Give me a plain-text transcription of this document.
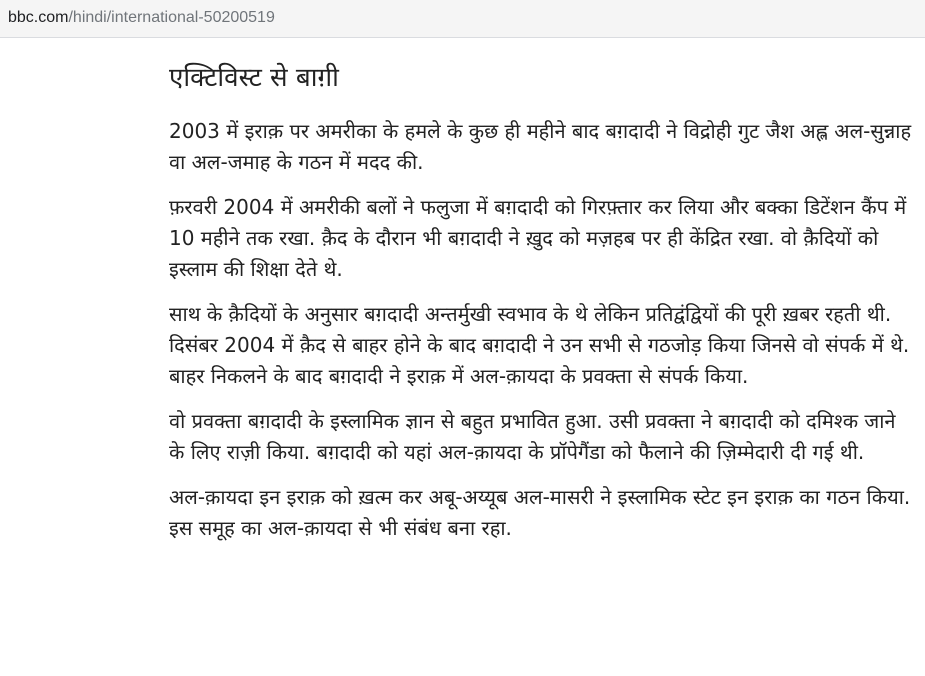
bbc.com/hindi/international-50200519
एक्टिविस्ट से बाग़ी

2003 में इराक़ पर अमरीका के हमले के कुछ ही महीने बाद बग़दादी ने विद्रोही गुट जैश अह्ल अल-सुन्नाह वा अल-जमाह के गठन में मदद की.

फ़रवरी 2004 में अमरीकी बलों ने फलुजा में बग़दादी को गिरफ़्तार कर लिया और बक्का डिटेंशन कैंप में 10 महीने तक रखा. क़ैद के दौरान भी बग़दादी ने ख़ुद को मज़हब पर ही केंद्रित रखा. वो क़ैदियों को इस्लाम की शिक्षा देते थे.

साथ के क़ैदियों के अनुसार बग़दादी अन्तर्मुखी स्वभाव के थे लेकिन प्रतिद्वंद्वियों की पूरी ख़बर रहती थी. दिसंबर 2004 में क़ैद से बाहर होने के बाद बग़दादी ने उन सभी से गठजोड़ किया जिनसे वो संपर्क में थे. बाहर निकलने के बाद बग़दादी ने इराक़ में अल-क़ायदा के प्रवक्ता से संपर्क किया.

वो प्रवक्ता बग़दादी के इस्लामिक ज्ञान से बहुत प्रभावित हुआ. उसी प्रवक्ता ने बग़दादी को दमिश्क जाने के लिए राज़ी किया. बग़दादी को यहां अल-क़ायदा के प्रॉपेगैंडा को फैलाने की ज़िम्मेदारी दी गई थी.

अल-क़ायदा इन इराक़ को ख़त्म कर अबू-अय्यूब अल-मासरी ने इस्लामिक स्टेट इन इराक़ का गठन किया. इस समूह का अल-क़ायदा से भी संबंध बना रहा.
